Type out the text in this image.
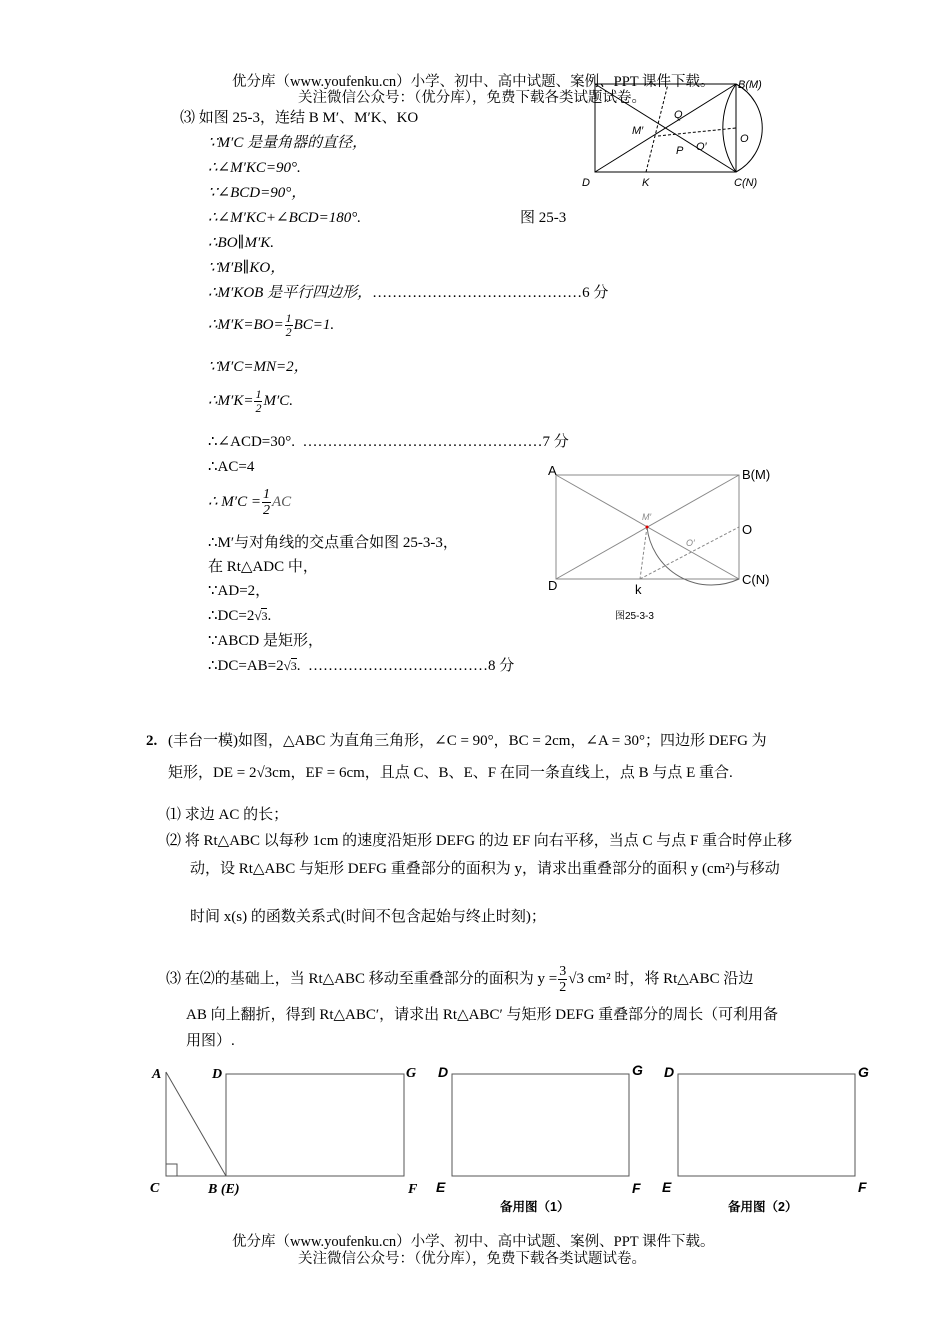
优分库（www.youfenku.cn）小学、初中、高中试题、案例、PPT 课件下载。
关注微信公众号：（优分库），免费下载各类试题试卷。
B(M)
Q
M′
P O′
O
D	K	C(N)
⑶ 如图 25-3，连结 B M′、M′K、KO
∵M′C 是量角器的直径，
∴∠M′KC=90°.
∵∠BCD=90°，
∴∠M′KC+∠BCD=180°.	图 25-3
∴BO∥M′K.
∵M′B∥KO，
∴M′KOB 是平行四边形，……………………………………6 分
∴M′K=BO= $\frac{1}{2} BC=1$.
∵M′C=MN=2，
∴M′K= $\frac{1}{2} M'C$.
∴∠ACD=30°. …………………………………………7 分
∴AC=4
∴ $M'C = \frac{1}{2}$ AC
∴M′与对角线的交点重合如图 25-3-3，
在 Rt△ADC 中，
∵AD=2，
∴DC=2√3.
∵ABCD 是矩形，
∴DC=AB=2√3. ………………………………8 分
A	B(M)
O
C(N)
D	k
M′
O′
图25-3-3
2. (丰台一模)如图，△ABC 为直角三角形，∠C = 90°，BC = 2cm，∠A = 30°；四边形 DEFG 为
矩形，DE = 2√3cm，EF = 6cm，且点 C、B、E、F 在同一条直线上，点 B 与点 E 重合.
⑴ 求边 AC 的长；
⑵ 将 Rt△ABC 以每秒 1cm 的速度沿矩形 DEFG 的边 EF 向右平移，当点 C 与点 F 重合时停止移
动，设 Rt△ABC 与矩形 DEFG 重叠部分的面积为 y，请求出重叠部分的面积 y (cm²)与移动
时间 x(s) 的函数关系式(时间不包含起始与终止时刻)；
⑶ 在⑵的基础上，当 Rt△ABC 移动至重叠部分的面积为 $y = \frac{3}{2} √3$ cm² 时，将 Rt△ABC 沿边
AB 向上翻折，得到 Rt△ABC′，请求出 Rt△ABC′ 与矩形 DEFG 重叠部分的周长（可利用备
用图）.
A	D	G
C	B (E)	F
D	G
E	F
备用图（1）
D	G
E	F
备用图（2）
优分库（www.youfenku.cn）小学、初中、高中试题、案例、PPT 课件下载。
关注微信公众号：（优分库），免费下载各类试题试卷。
